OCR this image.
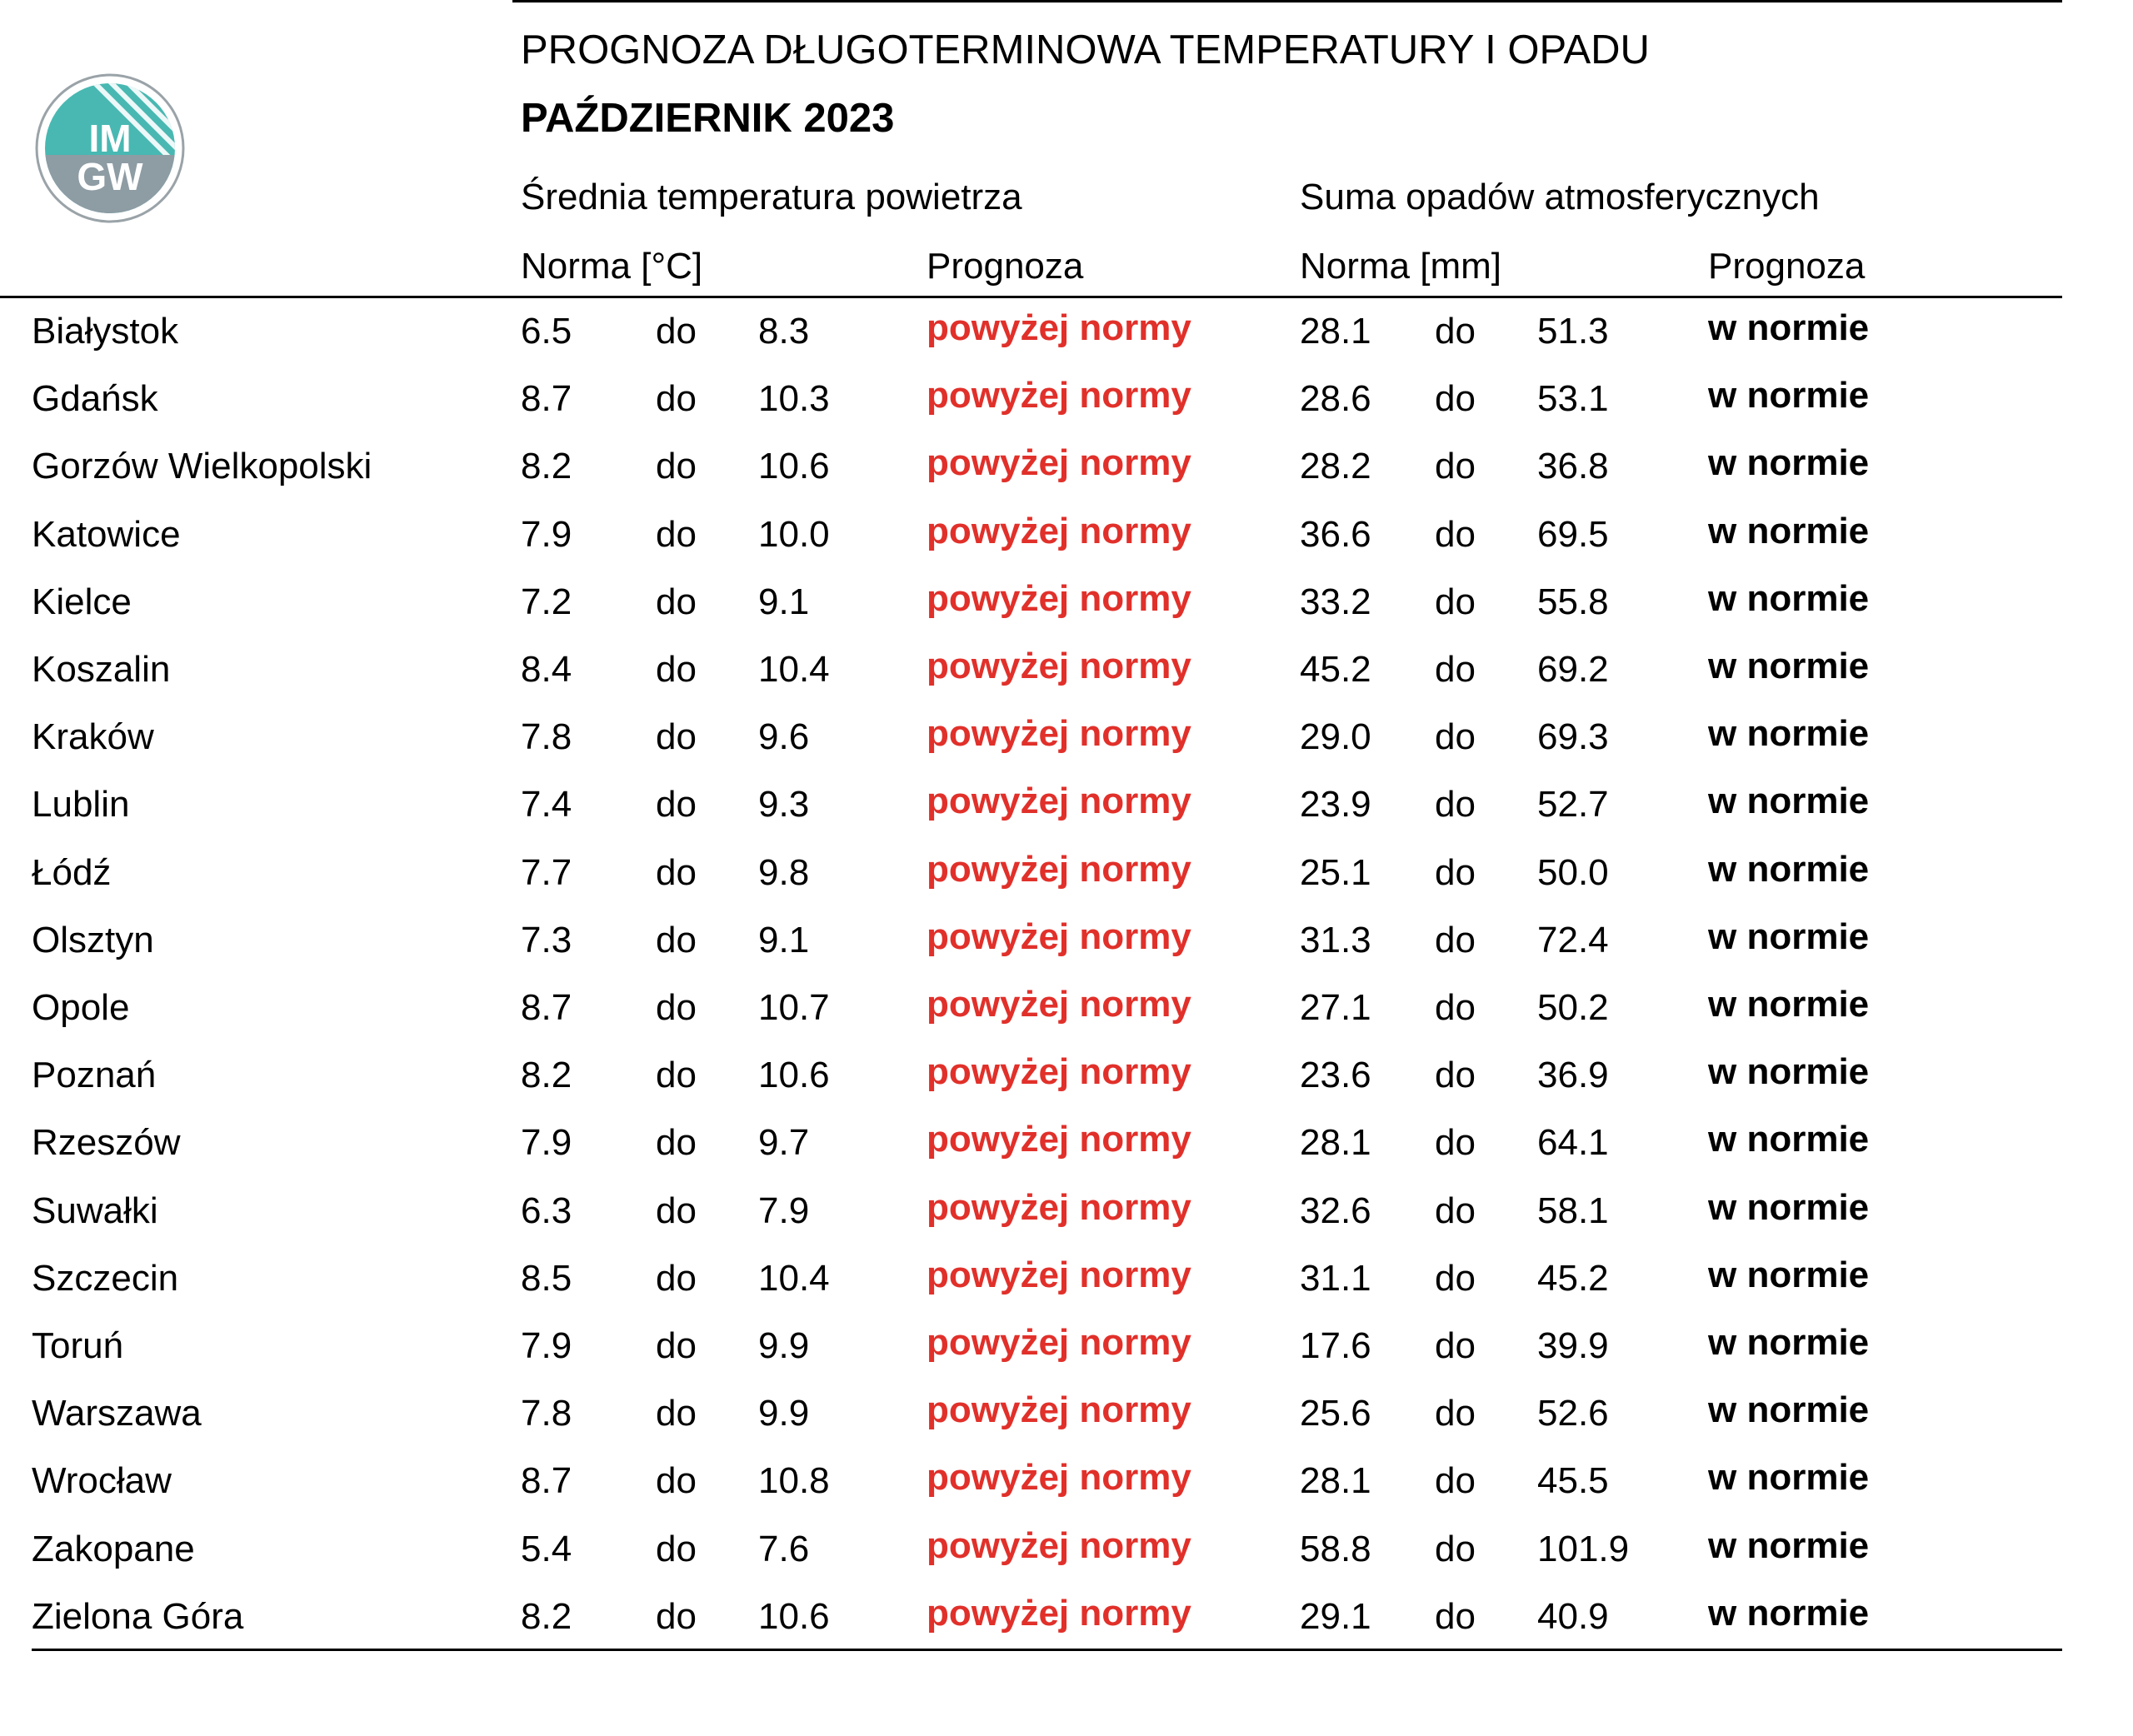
IM
GW
PROGNOZA DŁUGOTERMINOWA TEMPERATURY I OPADU
PAŹDZIERNIK 2023
Średnia temperatura powietrza	Suma opadów atmosferycznych
Norma [°C]	Prognoza	Norma [mm]	Prognoza
Białystok	6.5 do 8.3	powyżej normy	28.1 do 51.3	w normie
Gdańsk	8.7 do 10.3	powyżej normy	28.6 do 53.1	w normie
Gorzów Wielkopolski	8.2 do 10.6	powyżej normy	28.2 do 36.8	w normie
Katowice	7.9 do 10.0	powyżej normy	36.6 do 69.5	w normie
Kielce	7.2 do 9.1	powyżej normy	33.2 do 55.8	w normie
Koszalin	8.4 do 10.4	powyżej normy	45.2 do 69.2	w normie
Kraków	7.8 do 9.6	powyżej normy	29.0 do 69.3	w normie
Lublin	7.4 do 9.3	powyżej normy	23.9 do 52.7	w normie
Łódź	7.7 do 9.8	powyżej normy	25.1 do 50.0	w normie
Olsztyn	7.3 do 9.1	powyżej normy	31.3 do 72.4	w normie
Opole	8.7 do 10.7	powyżej normy	27.1 do 50.2	w normie
Poznań	8.2 do 10.6	powyżej normy	23.6 do 36.9	w normie
Rzeszów	7.9 do 9.7	powyżej normy	28.1 do 64.1	w normie
Suwałki	6.3 do 7.9	powyżej normy	32.6 do 58.1	w normie
Szczecin	8.5 do 10.4	powyżej normy	31.1 do 45.2	w normie
Toruń	7.9 do 9.9	powyżej normy	17.6 do 39.9	w normie
Warszawa	7.8 do 9.9	powyżej normy	25.6 do 52.6	w normie
Wrocław	8.7 do 10.8	powyżej normy	28.1 do 45.5	w normie
Zakopane	5.4 do 7.6	powyżej normy	58.8 do 101.9 w normie
Zielona Góra	8.2 do 10.6	powyżej normy	29.1 do 40.9	w normie
